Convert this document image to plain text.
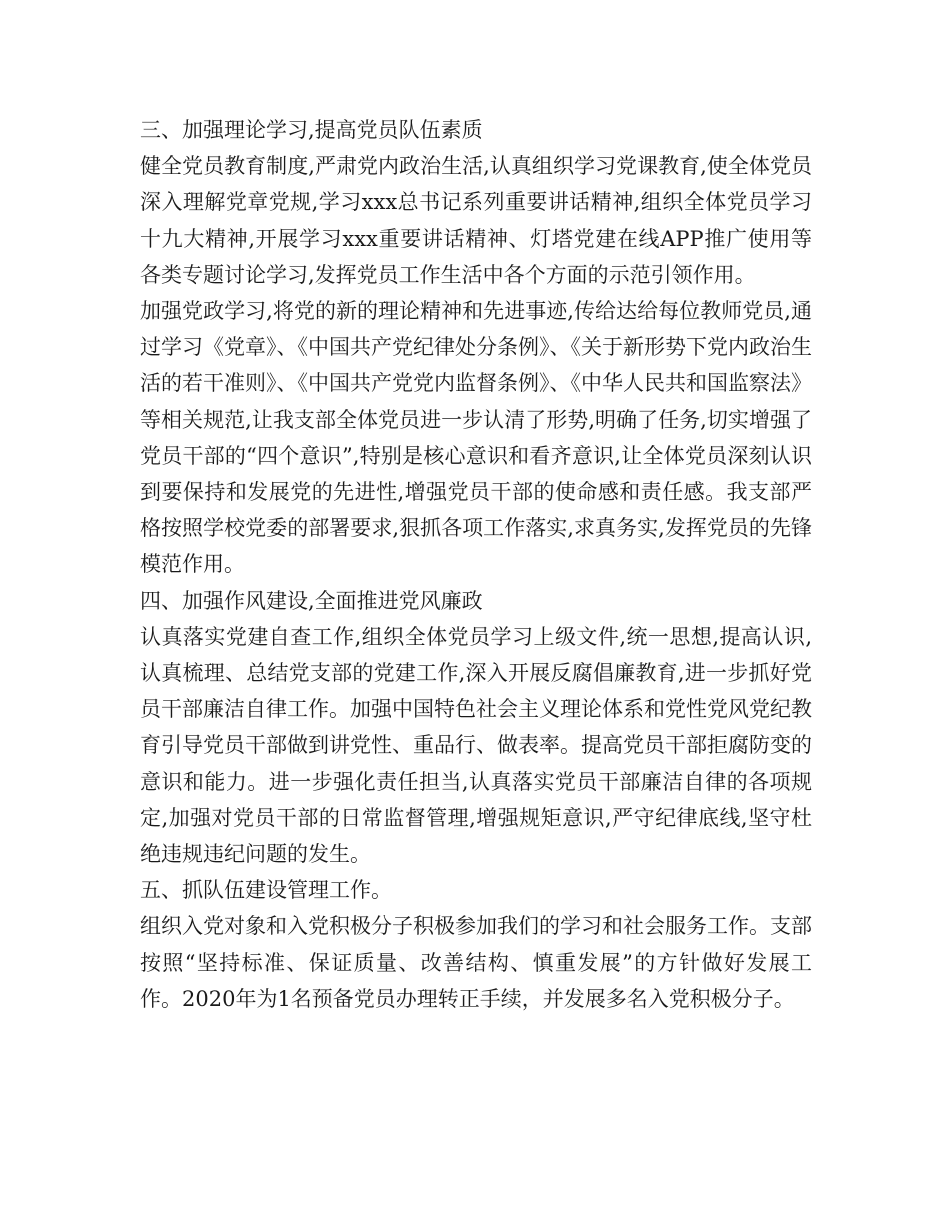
三、加强理论学习,提高党员队伍素质

健全党员教育制度,严肃党内政治生活,认真组织学习党课教育,使全体党员深入理解党章党规,学习xxx总书记系列重要讲话精神,组织全体党员学习十九大精神,开展学习xxx重要讲话精神、灯塔党建在线APP推广使用等各类专题讨论学习,发挥党员工作生活中各个方面的示范引领作用。

加强党政学习,将党的新的理论精神和先进事迹,传给达给每位教师党员,通过学习《党章》、《中国共产党纪律处分条例》、《关于新形势下党内政治生活的若干准则》、《中国共产党党内监督条例》、《中华人民共和国监察法》等相关规范,让我支部全体党员进一步认清了形势,明确了任务,切实增强了党员干部的“四个意识”,特别是核心意识和看齐意识,让全体党员深刻认识到要保持和发展党的先进性,增强党员干部的使命感和责任感。我支部严格按照学校党委的部署要求,狠抓各项工作落实,求真务实,发挥党员的先锋模范作用。

四、加强作风建设,全面推进党风廉政

认真落实党建自查工作,组织全体党员学习上级文件,统一思想,提高认识,认真梳理、总结党支部的党建工作,深入开展反腐倡廉教育,进一步抓好党员干部廉洁自律工作。加强中国特色社会主义理论体系和党性党风党纪教育引导党员干部做到讲党性、重品行、做表率。提高党员干部拒腐防变的意识和能力。进一步强化责任担当,认真落实党员干部廉洁自律的各项规定,加强对党员干部的日常监督管理,增强规矩意识,严守纪律底线,坚守杜绝违规违纪问题的发生。

五、抓队伍建设管理工作。

组织入党对象和入党积极分子积极参加我们的学习和社会服务工作。支部按照“坚持标准、保证质量、改善结构、慎重发展”的方针做好发展工作。2020年为1名预备党员办理转正手续，并发展多名入党积极分子。
